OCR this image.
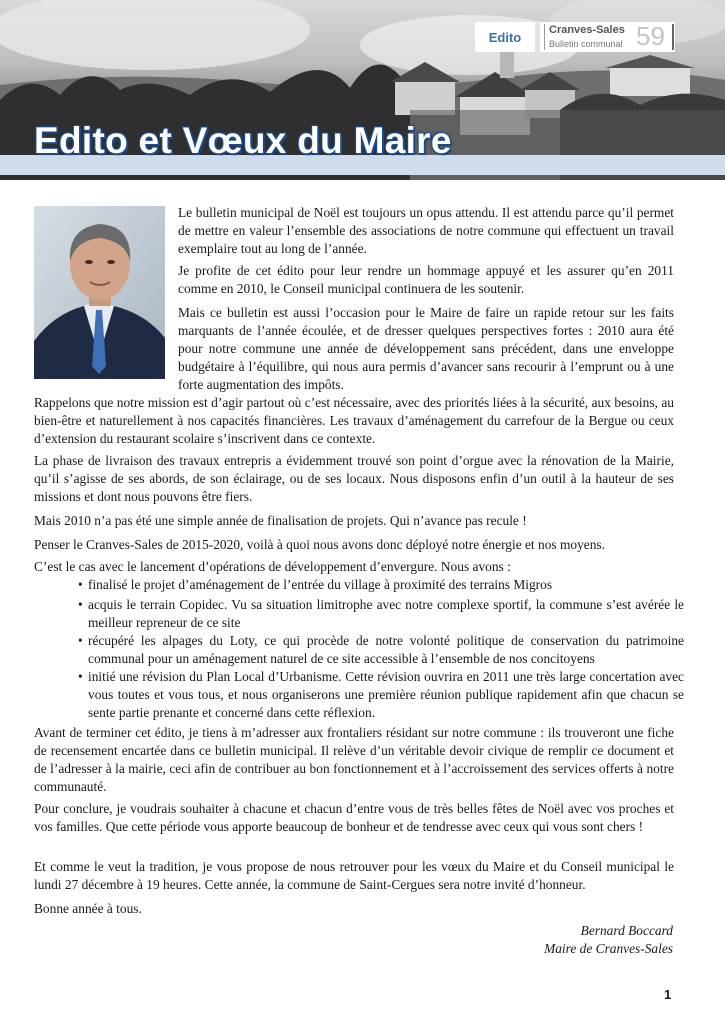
Edito	Cranves-Sales
Bulletin communal 59
Edito et Vœux du Maire

Le bulletin municipal de Noël est toujours un opus attendu. Il est attendu parce qu’il permet de mettre en valeur l’ensemble des associations de notre commune qui effectuent un travail exemplaire tout au long de l’année.

Je profite de cet édito pour leur rendre un hommage appuyé et les assurer qu’en 2011 comme en 2010, le Conseil municipal continuera de les soutenir.

Mais ce bulletin est aussi l’occasion pour le Maire de faire un rapide retour sur les faits marquants de l’année écoulée, et de dresser quelques perspectives fortes : 2010 aura été pour notre commune une année de développement sans précédent, dans une enveloppe budgétaire à l’équilibre, qui nous aura permis d’avancer sans recourir à l’emprunt ou à une forte augmentation des impôts.

Rappelons que notre mission est d’agir partout où c’est nécessaire, avec des priorités liées à la sécurité, aux besoins, au bien-être et naturellement à nos capacités financières. Les travaux d’aménagement du carrefour de la Bergue ou ceux d’extension du restaurant scolaire s’inscrivent dans ce contexte.

La phase de livraison des travaux entrepris a évidemment trouvé son point d’orgue avec la rénovation de la Mairie, qu’il s’agisse de ses abords, de son éclairage, ou de ses locaux. Nous disposons enfin d’un outil à la hauteur de ses missions et dont nous pouvons être fiers.

Mais 2010 n’a pas été une simple année de finalisation de projets. Qui n’avance pas recule !

Penser le Cranves-Sales de 2015-2020, voilà à quoi nous avons donc déployé notre énergie et nos moyens.

C’est le cas avec le lancement d’opérations de développement d’envergure. Nous avons :

• finalisé le projet d’aménagement de l’entrée du village à proximité des terrains Migros
• acquis le terrain Copidec. Vu sa situation limitrophe avec notre complexe sportif, la commune s’est avérée le meilleur repreneur de ce site
• récupéré les alpages du Loty, ce qui procède de notre volonté politique de conservation du patrimoine communal pour un aménagement naturel de ce site accessible à l’ensemble de nos concitoyens
• initié une révision du Plan Local d’Urbanisme. Cette révision ouvrira en 2011 une très large concertation avec vous toutes et vous tous, et nous organiserons une première réunion publique rapidement afin que chacun se sente partie prenante et concerné dans cette réflexion.

Avant de terminer cet édito, je tiens à m’adresser aux frontaliers résidant sur notre commune : ils trouveront une fiche de recensement encartée dans ce bulletin municipal. Il relève d’un véritable devoir civique de remplir ce document et de l’adresser à la mairie, ceci afin de contribuer au bon fonctionnement et à l’accroissement des services offerts à notre communauté.

Pour conclure, je voudrais souhaiter à chacune et chacun d’entre vous de très belles fêtes de Noël avec vos proches et vos familles. Que cette période vous apporte beaucoup de bonheur et de tendresse avec ceux qui vous sont chers !

Et comme le veut la tradition, je vous propose de nous retrouver pour les vœux du Maire et du Conseil municipal le lundi 27 décembre à 19 heures. Cette année, la commune de Saint-Cergues sera notre invité d’honneur.

Bonne année à tous.

Bernard Boccard

Maire de Cranves-Sales

1
